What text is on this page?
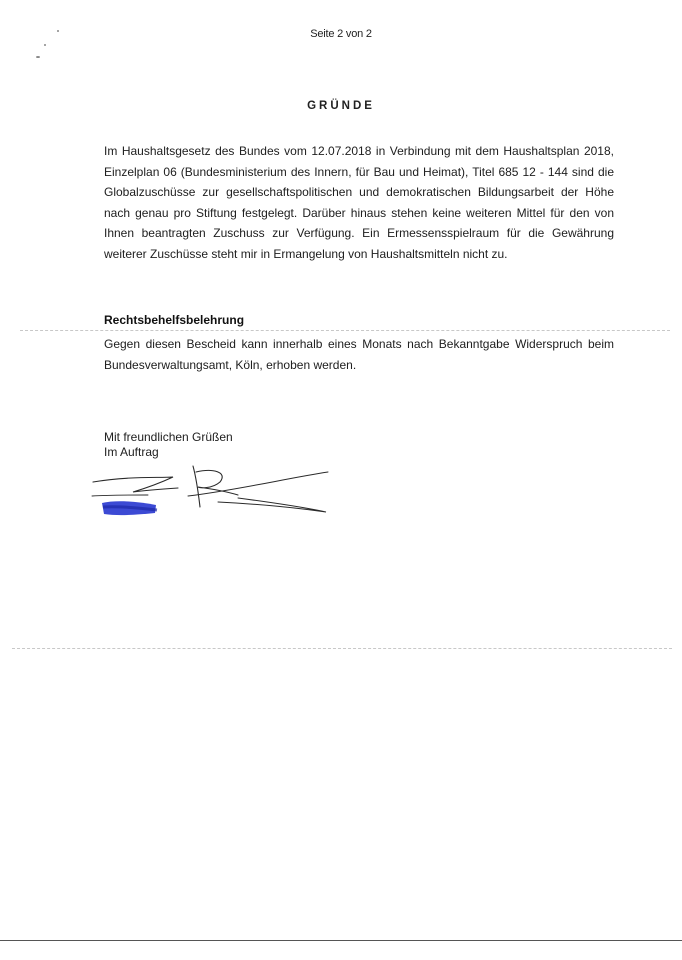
Seite 2 von 2
GRÜNDE
Im Haushaltsgesetz des Bundes vom 12.07.2018 in Verbindung mit dem Haushaltsplan 2018, Einzelplan 06 (Bundesministerium des Innern, für Bau und Heimat), Titel 685 12 - 144 sind die Globalzuschüsse zur gesellschaftspolitischen und demokratischen Bildungsarbeit der Höhe nach genau pro Stiftung festgelegt. Darüber hinaus stehen keine weiteren Mittel für den von Ihnen beantragten Zuschuss zur Verfügung. Ein Ermessensspielraum für die Gewährung weiterer Zuschüsse steht mir in Ermangelung von Haushaltsmitteln nicht zu.
Rechtsbehelfsbelehrung
Gegen diesen Bescheid kann innerhalb eines Monats nach Bekanntgabe Widerspruch beim Bundesverwaltungsamt, Köln, erhoben werden.
Mit freundlichen Grüßen
Im Auftrag
